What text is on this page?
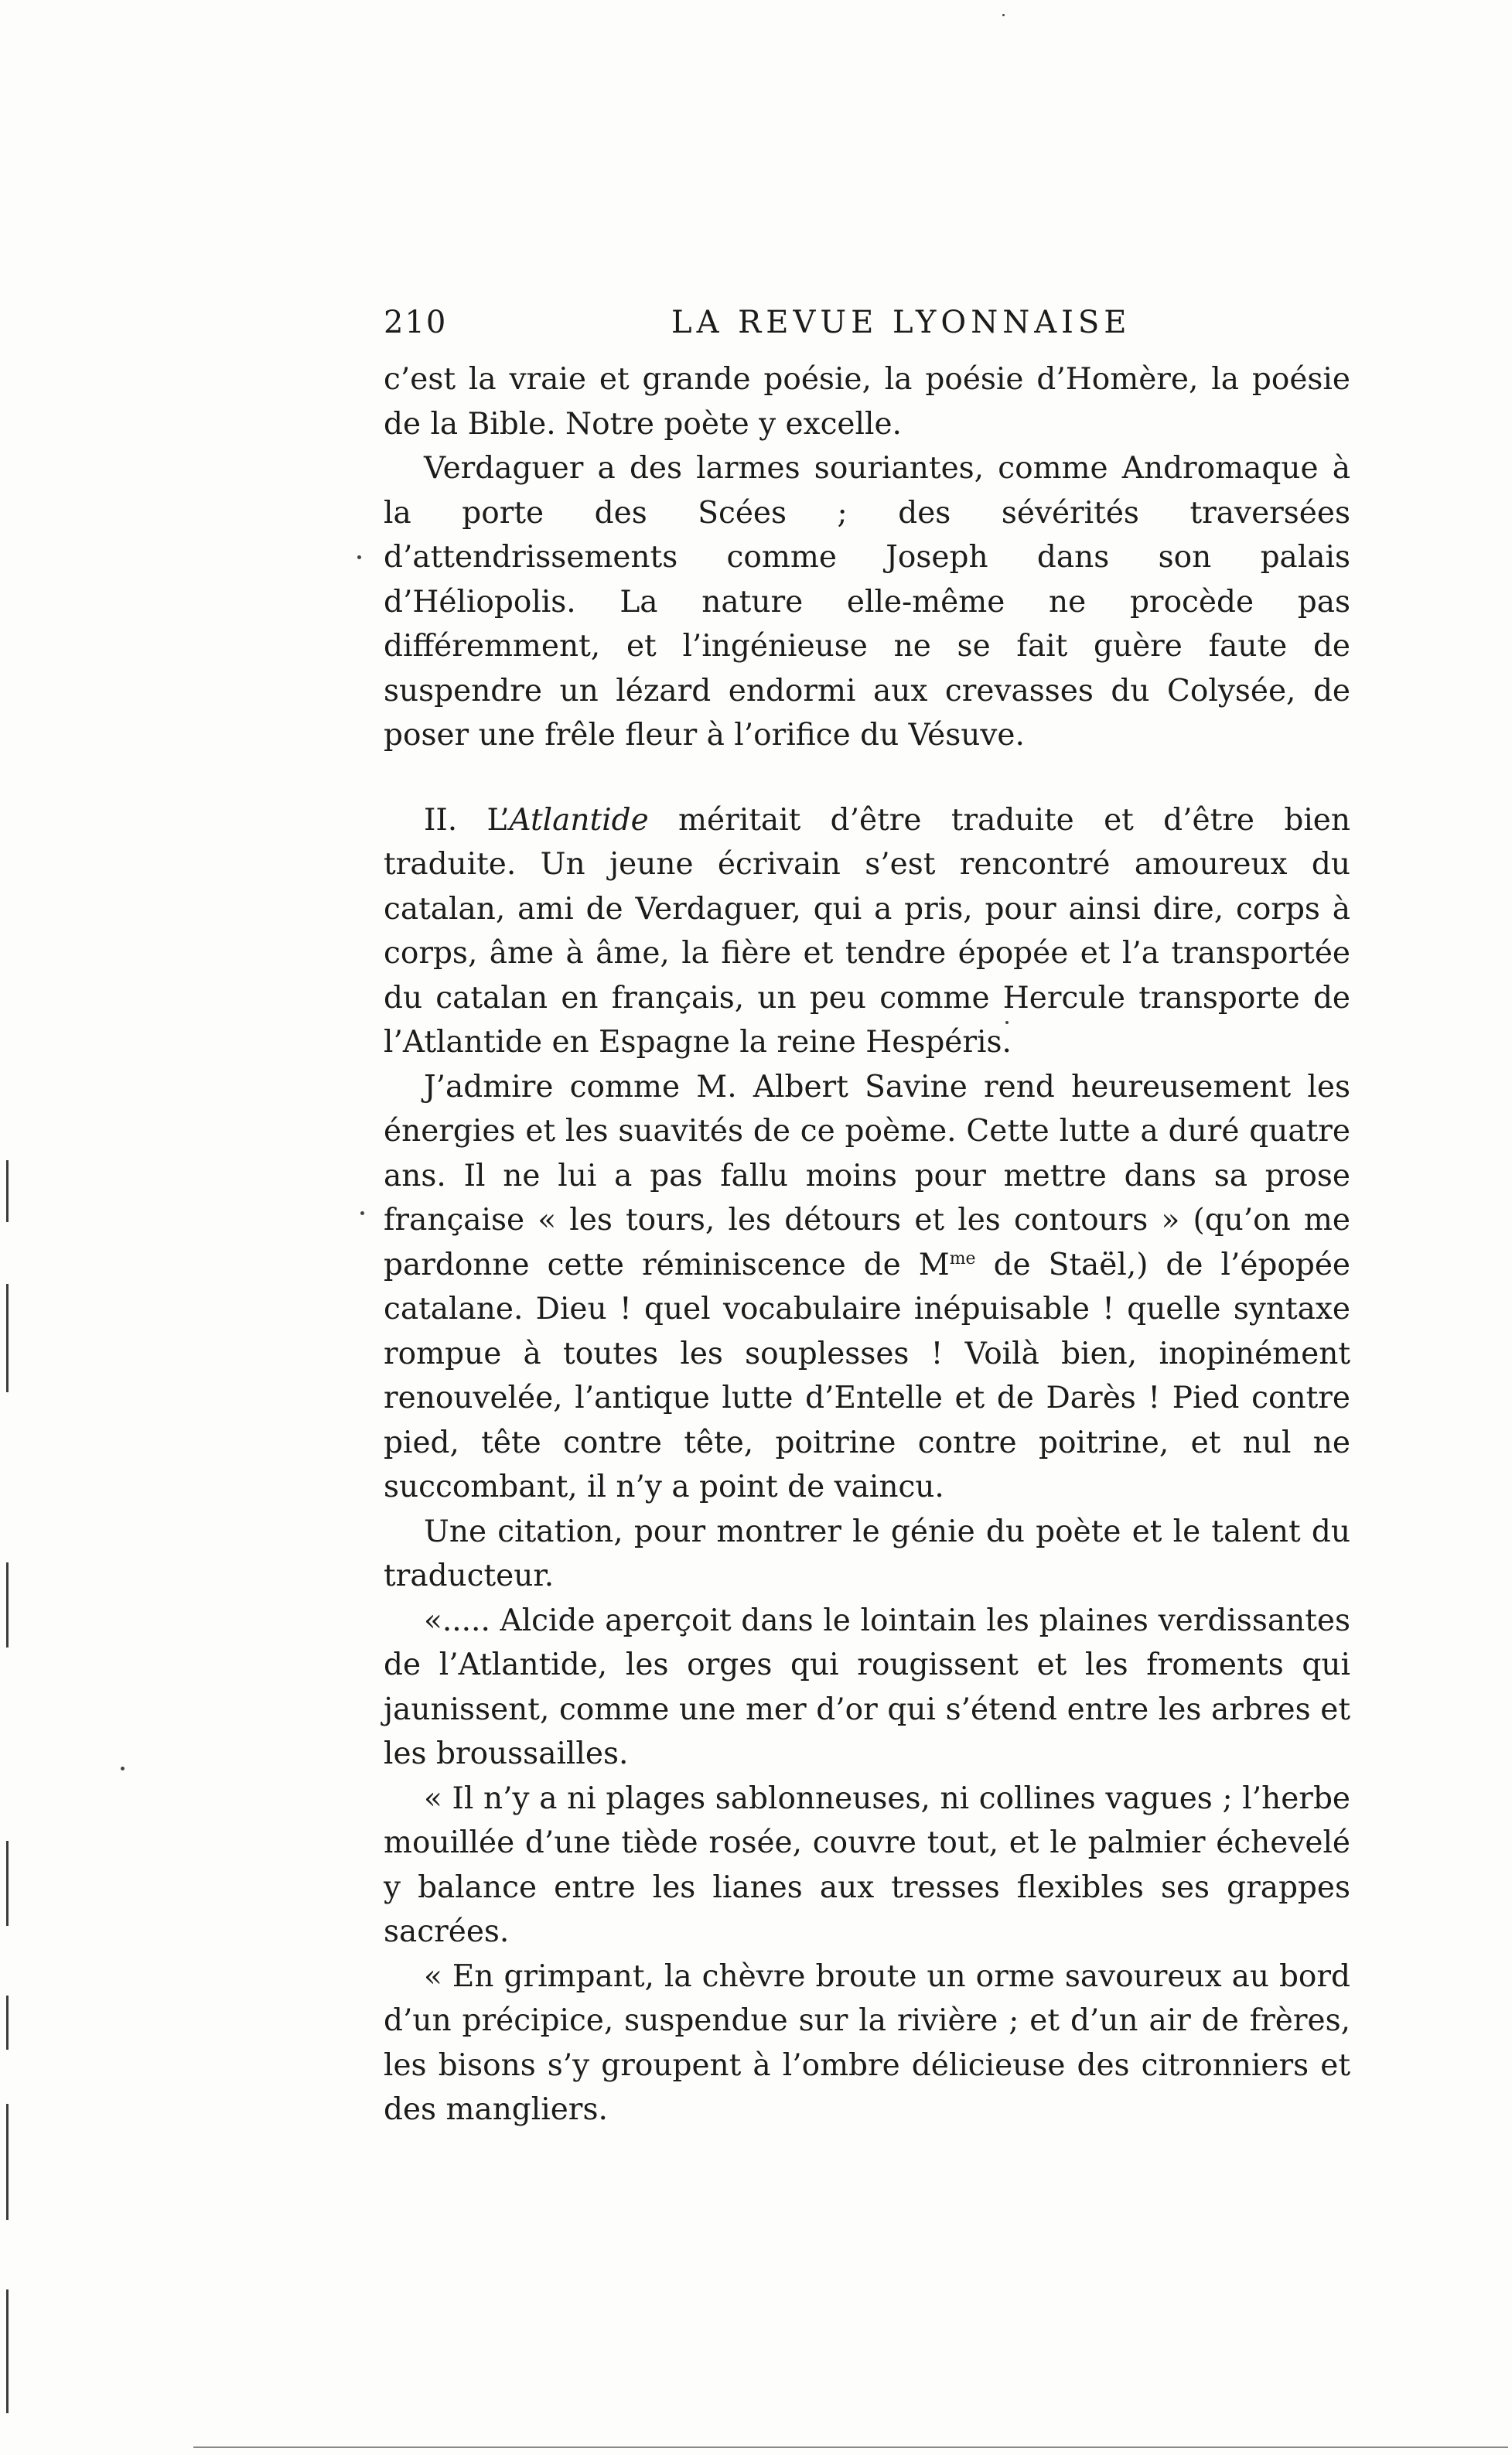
210	LA REVUE LYONNAISE

c’est la vraie et grande poésie, la poésie d’Homère, la poésie de la Bible. Notre poète y excelle.

Verdaguer a des larmes souriantes, comme Andromaque à la porte des Scées ; des sévérités traversées d’attendrissements comme Joseph dans son palais d’Héliopolis. La nature elle-même ne procède pas différemment, et l’ingénieuse ne se fait guère faute de suspendre un lézard endormi aux crevasses du Colysée, de poser une frêle fleur à l’orifice du Vésuve.

II. L’Atlantide méritait d’être traduite et d’être bien traduite. Un jeune écrivain s’est rencontré amoureux du catalan, ami de Verdaguer, qui a pris, pour ainsi dire, corps à corps, âme à âme, la fière et tendre épopée et l’a transportée du catalan en français, un peu comme Hercule transporte de l’Atlantide en Espagne la reine Hespéris.

J’admire comme M. Albert Savine rend heureusement les énergies et les suavités de ce poème. Cette lutte a duré quatre ans. Il ne lui a pas fallu moins pour mettre dans sa prose française « les tours, les détours et les contours » (qu’on me pardonne cette réminiscence de $M^{me}$ de Staël,) de l’épopée catalane. Dieu ! quel vocabulaire inépuisable ! quelle syntaxe rompue à toutes les souplesses ! Voilà bien, inopinément renouvelée, l’antique lutte d’Entelle et de Darès ! Pied contre pied, tête contre tête, poitrine contre poitrine, et nul ne succombant, il n’y a point de vaincu.

Une citation, pour montrer le génie du poète et le talent du traducteur.

«..... Alcide aperçoit dans le lointain les plaines verdissantes de l’Atlantide, les orges qui rougissent et les froments qui jaunissent, comme une mer d’or qui s’étend entre les arbres et les broussailles.

« Il n’y a ni plages sablonneuses, ni collines vagues ; l’herbe mouillée d’une tiède rosée, couvre tout, et le palmier échevelé y balance entre les lianes aux tresses flexibles ses grappes sacrées.

« En grimpant, la chèvre broute un orme savoureux au bord d’un précipice, suspendue sur la rivière ; et d’un air de frères, les bisons s’y groupent à l’ombre délicieuse des citronniers et des mangliers.
